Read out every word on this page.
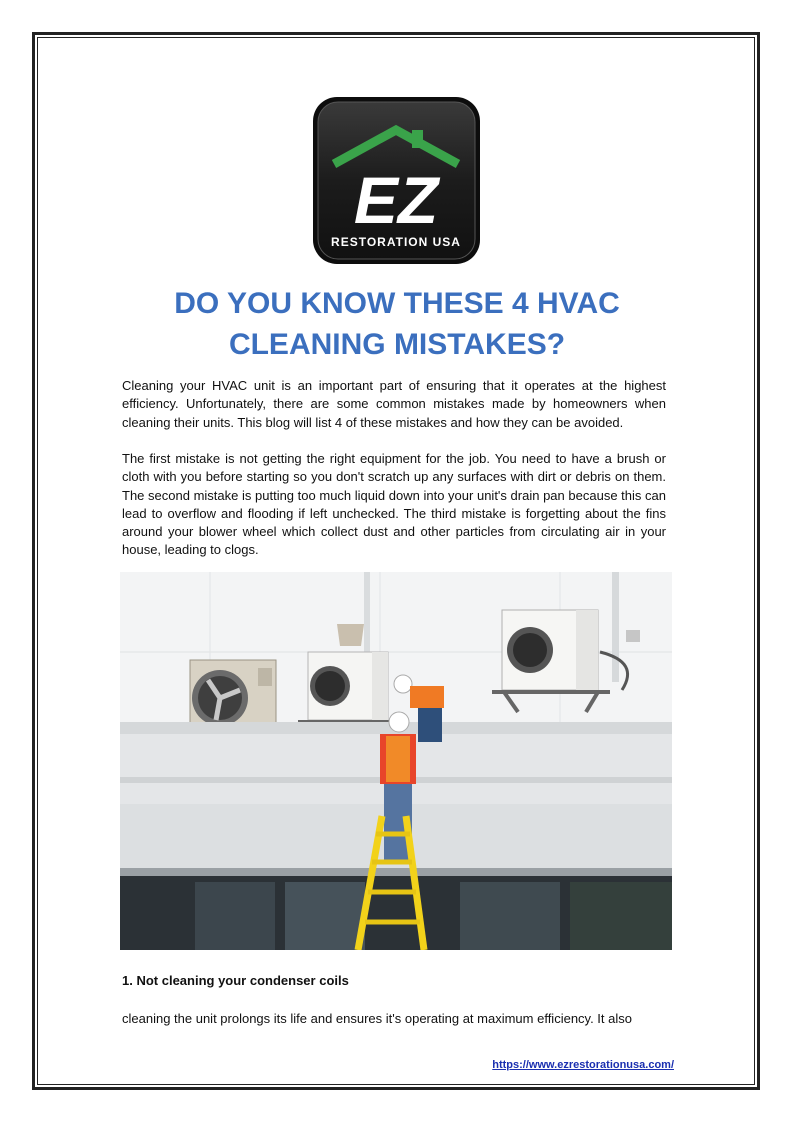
EZ
RESTORATION USA
DO YOU KNOW THESE 4 HVAC
CLEANING MISTAKES?

Cleaning your HVAC unit is an important part of ensuring that it operates at the highest efficiency. Unfortunately, there are some common mistakes made by homeowners when cleaning their units. This blog will list 4 of these mistakes and how they can be avoided.

The first mistake is not getting the right equipment for the job. You need to have a brush or cloth with you before starting so you don't scratch up any surfaces with dirt or debris on them. The second mistake is putting too much liquid down into your unit's drain pan because this can lead to overflow and flooding if left unchecked. The third mistake is forgetting about the fins around your blower wheel which collect dust and other particles from circulating air in your house, leading to clogs.

1. Not cleaning your condenser coils

cleaning the unit prolongs its life and ensures it's operating at maximum efficiency. It also

https://www.ezrestorationusa.com/
